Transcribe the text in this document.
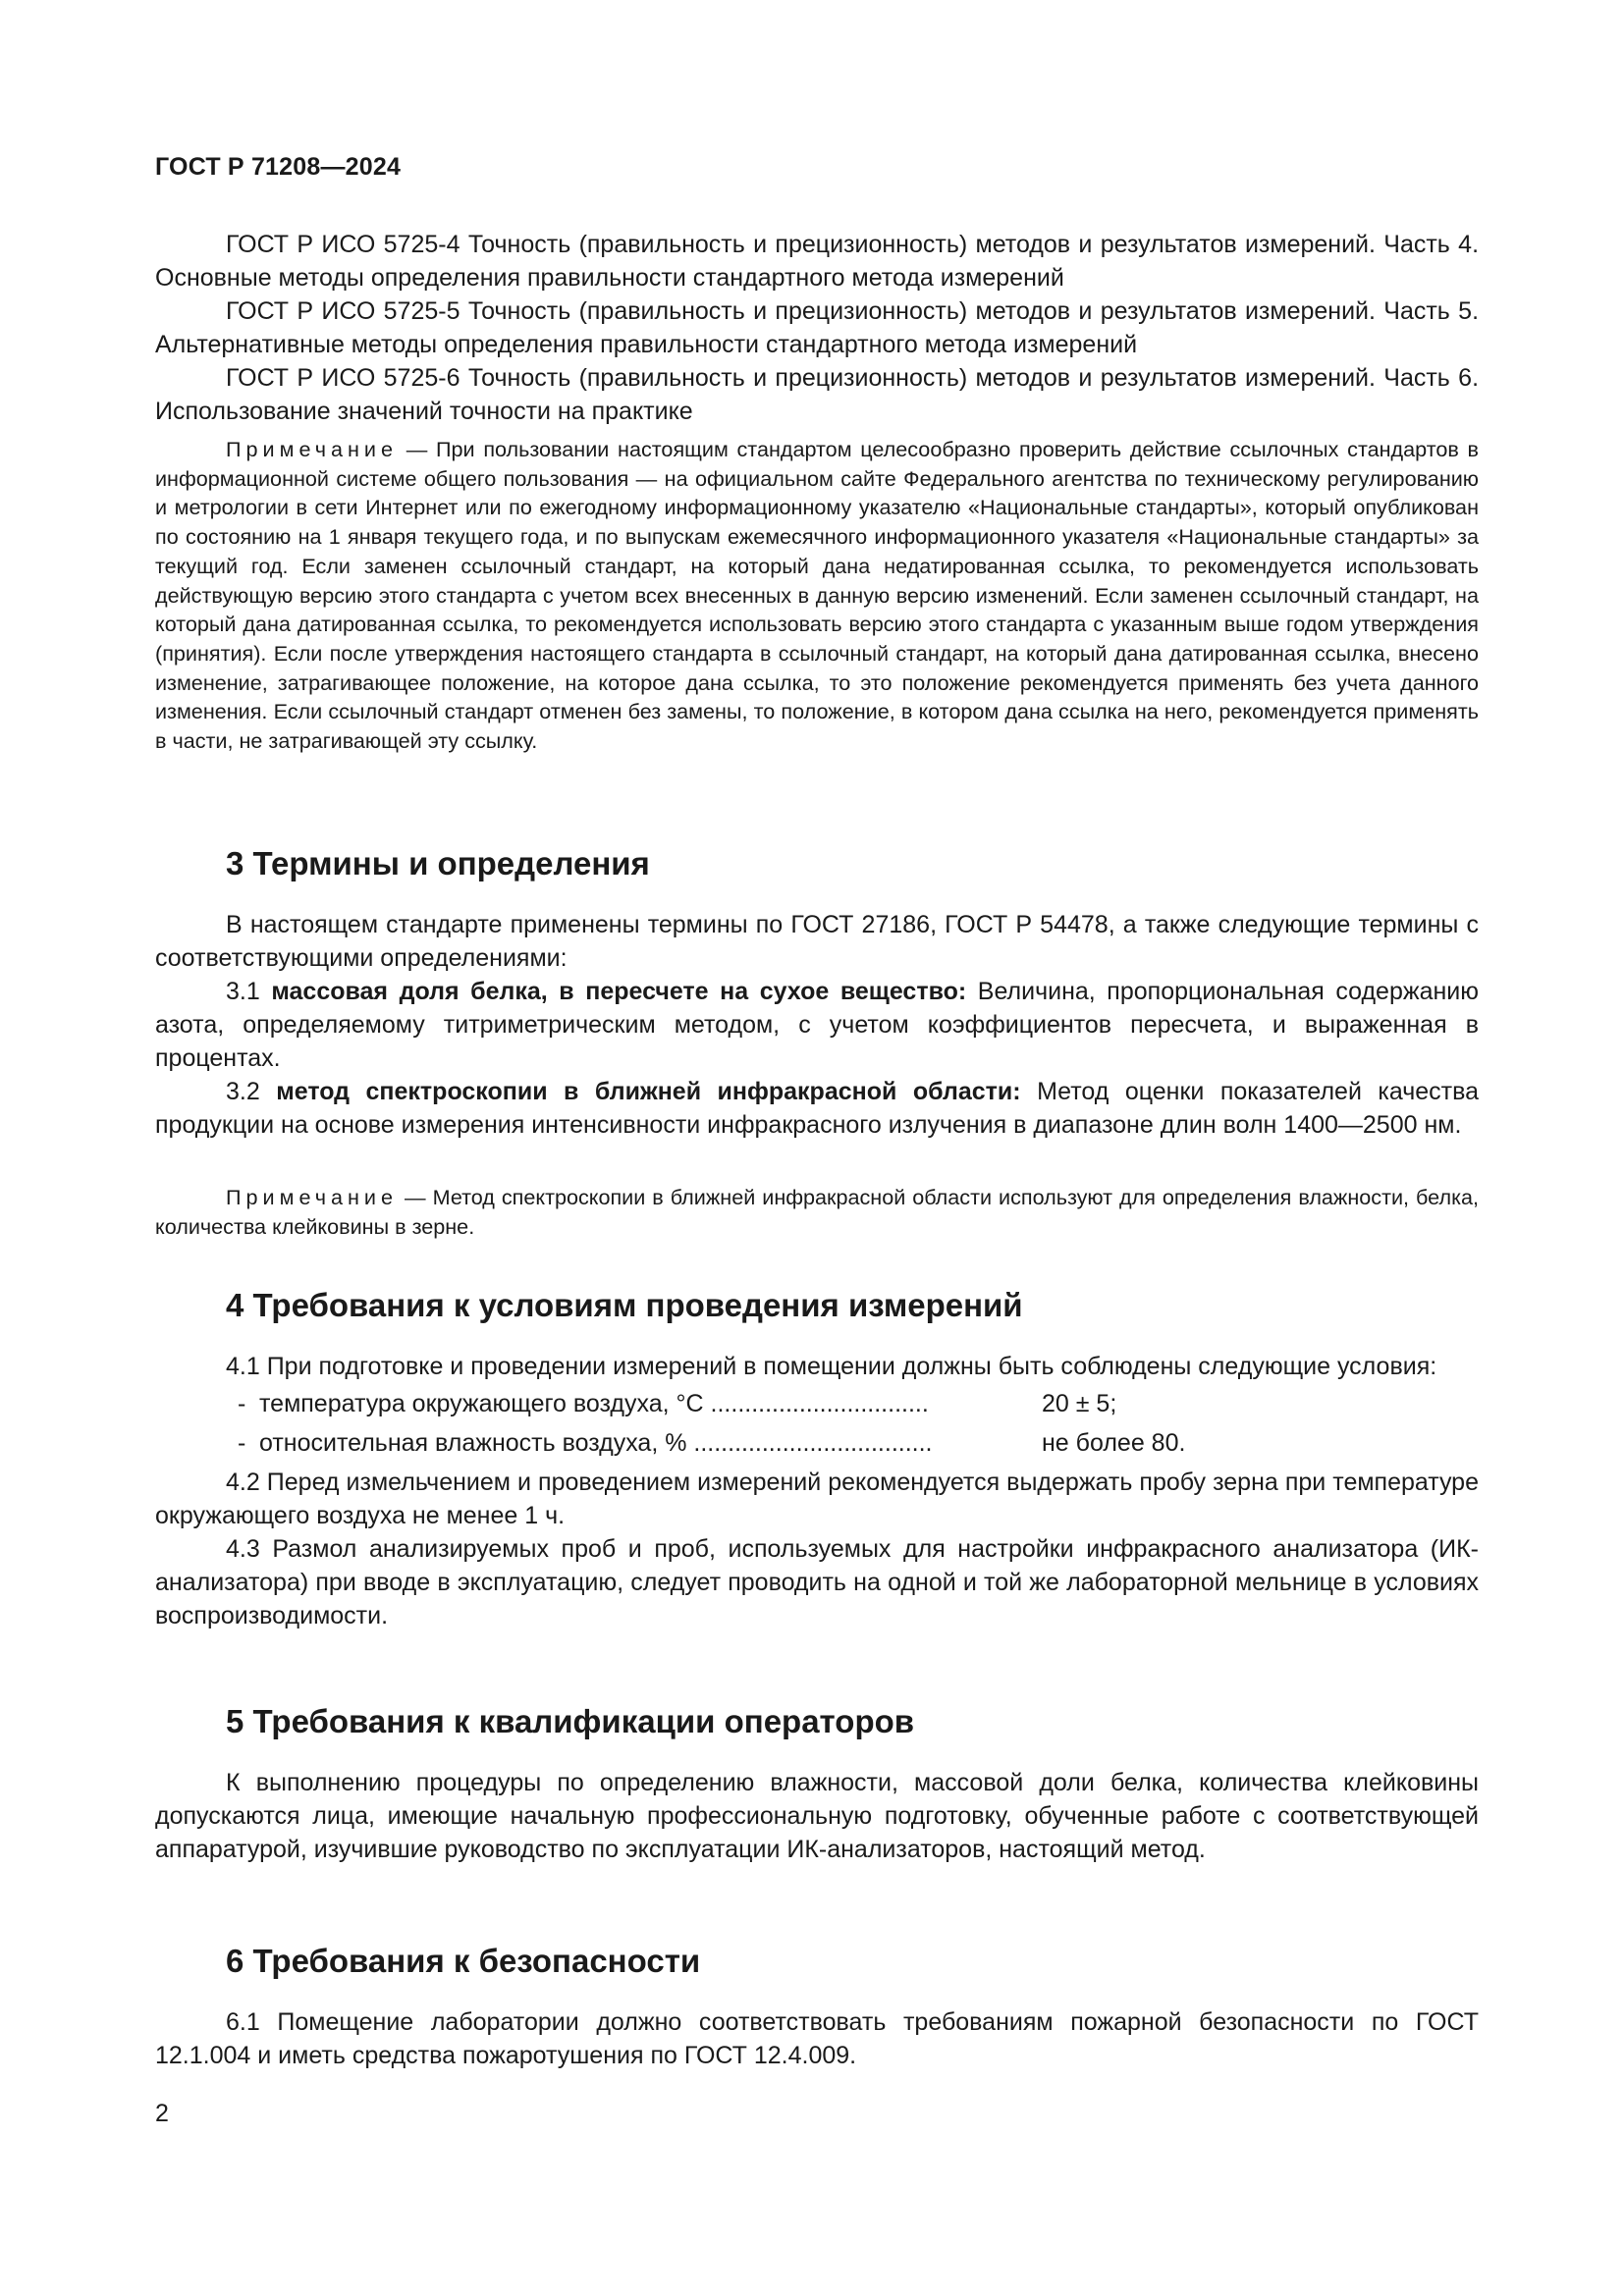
ГОСТ Р 71208—2024

ГОСТ Р ИСО 5725-4 Точность (правильность и прецизионность) методов и результатов измерений. Часть 4. Основные методы определения правильности стандартного метода измерений

ГОСТ Р ИСО 5725-5 Точность (правильность и прецизионность) методов и результатов измерений. Часть 5. Альтернативные методы определения правильности стандартного метода измерений

ГОСТ Р ИСО 5725-6 Точность (правильность и прецизионность) методов и результатов измерений. Часть 6. Использование значений точности на практике

Примечание — При пользовании настоящим стандартом целесообразно проверить действие ссылочных стандартов в информационной системе общего пользования — на официальном сайте Федерального агентства по техническому регулированию и метрологии в сети Интернет или по ежегодному информационному указателю «Национальные стандарты», который опубликован по состоянию на 1 января текущего года, и по выпускам ежемесячного информационного указателя «Национальные стандарты» за текущий год. Если заменен ссылочный стандарт, на который дана недатированная ссылка, то рекомендуется использовать действующую версию этого стандарта с учетом всех внесенных в данную версию изменений. Если заменен ссылочный стандарт, на который дана датированная ссылка, то рекомендуется использовать версию этого стандарта с указанным выше годом утверждения (принятия). Если после утверждения настоящего стандарта в ссылочный стандарт, на который дана датированная ссылка, внесено изменение, затрагивающее положение, на которое дана ссылка, то это положение рекомендуется применять без учета данного изменения. Если ссылочный стандарт отменен без замены, то положение, в котором дана ссылка на него, рекомендуется применять в части, не затрагивающей эту ссылку.

3 Термины и определения

В настоящем стандарте применены термины по ГОСТ 27186, ГОСТ Р 54478, а также следующие термины с соответствующими определениями:

3.1 массовая доля белка, в пересчете на сухое вещество: Величина, пропорциональная содержанию азота, определяемому титриметрическим методом, с учетом коэффициентов пересчета, и выраженная в процентах.

3.2 метод спектроскопии в ближней инфракрасной области: Метод оценки показателей качества продукции на основе измерения интенсивности инфракрасного излучения в диапазоне длин волн 1400—2500 нм.

Примечание — Метод спектроскопии в ближней инфракрасной области используют для определения влажности, белка, количества клейковины в зерне.

4 Требования к условиям проведения измерений

4.1 При подготовке и проведении измерений в помещении должны быть соблюдены следующие условия:

- температура окружающего воздуха, °С ................................	20 ± 5;
- относительная влажность воздуха, % ...................................	не более 80.

4.2 Перед измельчением и проведением измерений рекомендуется выдержать пробу зерна при температуре окружающего воздуха не менее 1 ч.

4.3 Размол анализируемых проб и проб, используемых для настройки инфракрасного анализатора (ИК-анализатора) при вводе в эксплуатацию, следует проводить на одной и той же лабораторной мельнице в условиях воспроизводимости.

5 Требования к квалификации операторов

К выполнению процедуры по определению влажности, массовой доли белка, количества клейковины допускаются лица, имеющие начальную профессиональную подготовку, обученные работе с соответствующей аппаратурой, изучившие руководство по эксплуатации ИК-анализаторов, настоящий метод.

6 Требования к безопасности

6.1 Помещение лаборатории должно соответствовать требованиям пожарной безопасности по ГОСТ 12.1.004 и иметь средства пожаротушения по ГОСТ 12.4.009.

2
